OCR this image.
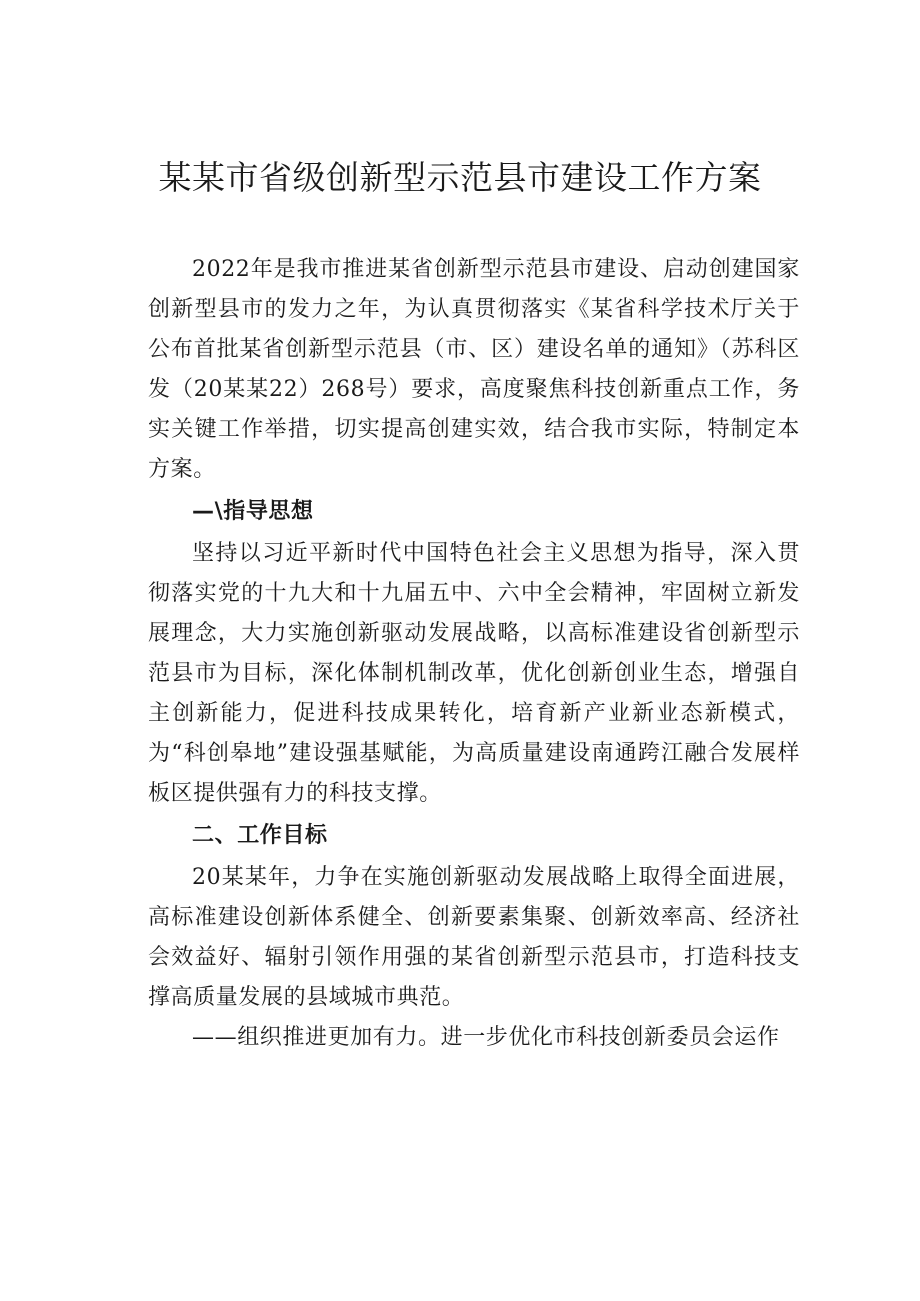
某某市省级创新型示范县市建设工作方案

2022年是我市推进某省创新型示范县市建设、启动创建国家创新型县市的发力之年，为认真贯彻落实《某省科学技术厅关于公布首批某省创新型示范县（市、区）建设名单的通知》（苏科区发（20某某22）268号）要求，高度聚焦科技创新重点工作，务实关键工作举措，切实提高创建实效，结合我市实际，特制定本方案。

—\指导思想

坚持以习近平新时代中国特色社会主义思想为指导，深入贯彻落实党的十九大和十九届五中、六中全会精神，牢固树立新发展理念，大力实施创新驱动发展战略，以高标准建设省创新型示范县市为目标，深化体制机制改革，优化创新创业生态，增强自主创新能力，促进科技成果转化，培育新产业新业态新模式，为“科创皋地”建设强基赋能，为高质量建设南通跨江融合发展样板区提供强有力的科技支撑。

二、工作目标

20某某年，力争在实施创新驱动发展战略上取得全面进展，高标准建设创新体系健全、创新要素集聚、创新效率高、经济社会效益好、辐射引领作用强的某省创新型示范县市，打造科技支撑高质量发展的县域城市典范。

——组织推进更加有力。进一步优化市科技创新委员会运作
